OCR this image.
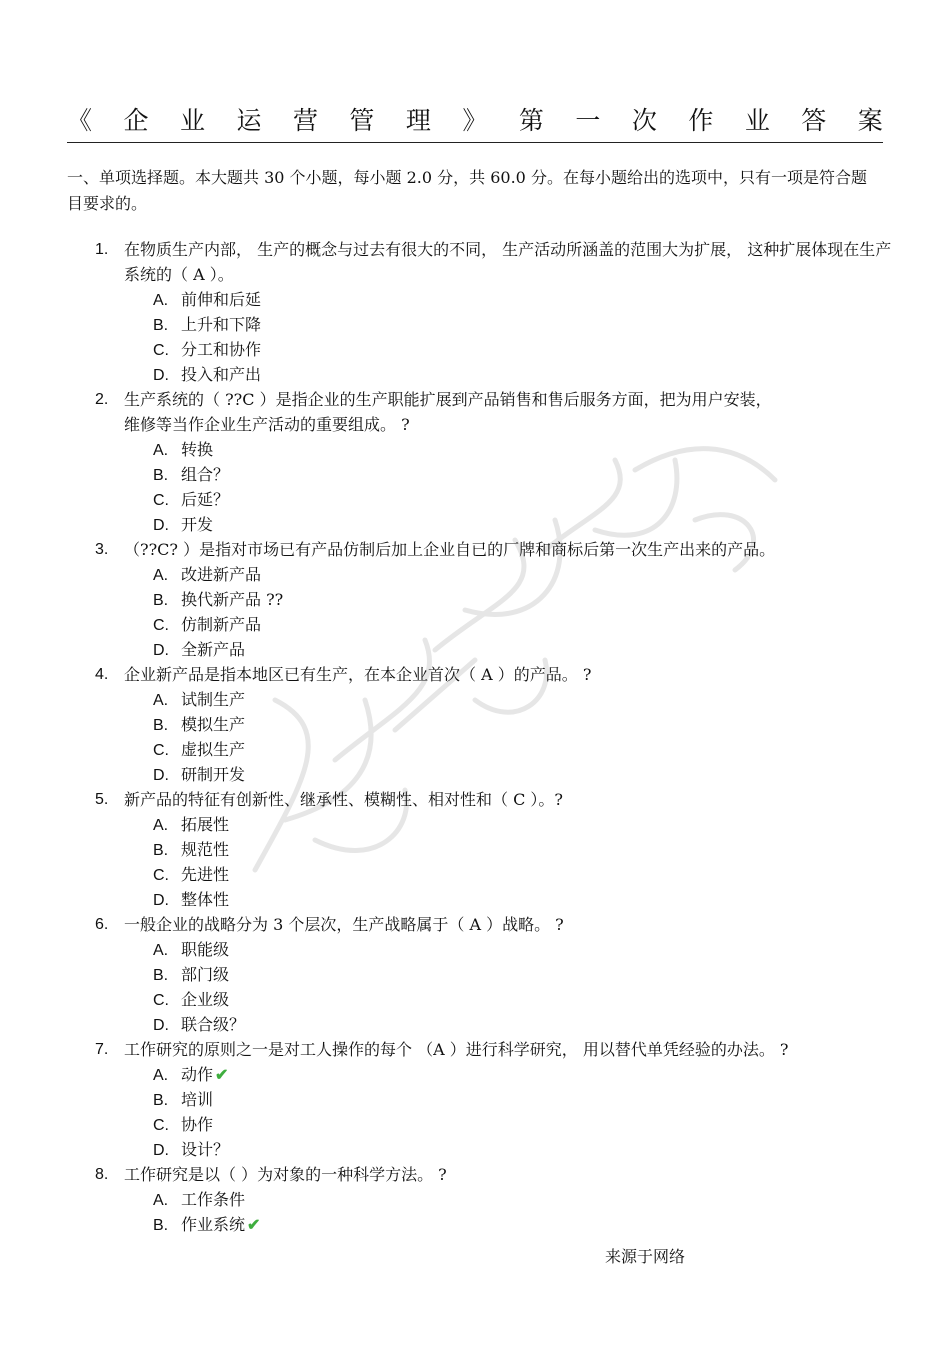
《 企 业 运 营 管 理 》 第 一 次 作 业 答 案
一、单项选择题。本大题共 30 个小题，每小题 2.0 分，共 60.0 分。在每小题给出的选项中，只有一项是符合题目要求的。
1. 在物质生产内部， 生产的概念与过去有很大的不同， 生产活动所涵盖的范围大为扩展， 这种扩展体现在生产系统的（ A ）。
A. 前伸和后延
B. 上升和下降
C. 分工和协作
D. 投入和产出
2. 生产系统的（ ??C ）是指企业的生产职能扩展到产品销售和售后服务方面，把为用户安装，
维修等当作企业生产活动的重要组成。 ?
A. 转换
B. 组合？
C. 后延？
D. 开发
3. （??C? ）是指对市场已有产品仿制后加上企业自已的厂牌和商标后第一次生产出来的产品。
A. 改进新产品
B. 换代新产品 ??
C. 仿制新产品
D. 全新产品
4. 企业新产品是指本地区已有生产，在本企业首次（ A ）的产品。 ?
A. 试制生产
B. 模拟生产
C. 虚拟生产
D. 研制开发
5. 新产品的特征有创新性、继承性、模糊性、相对性和（ C ）。?
A. 拓展性
B. 规范性
C. 先进性
D. 整体性
6. 一般企业的战略分为 3 个层次，生产战略属于（ A ）战略。 ?
A. 职能级
B. 部门级
C. 企业级
D. 联合级？
7. 工作研究的原则之一是对工人操作的每个 （A ）进行科学研究， 用以替代单凭经验的办法。 ?
A. 动作 ✔
B. 培训
C. 协作
D. 设计？
8. 工作研究是以（ ）为对象的一种科学方法。 ?
A. 工作条件
B. 作业系统 ✔
来源于网络
